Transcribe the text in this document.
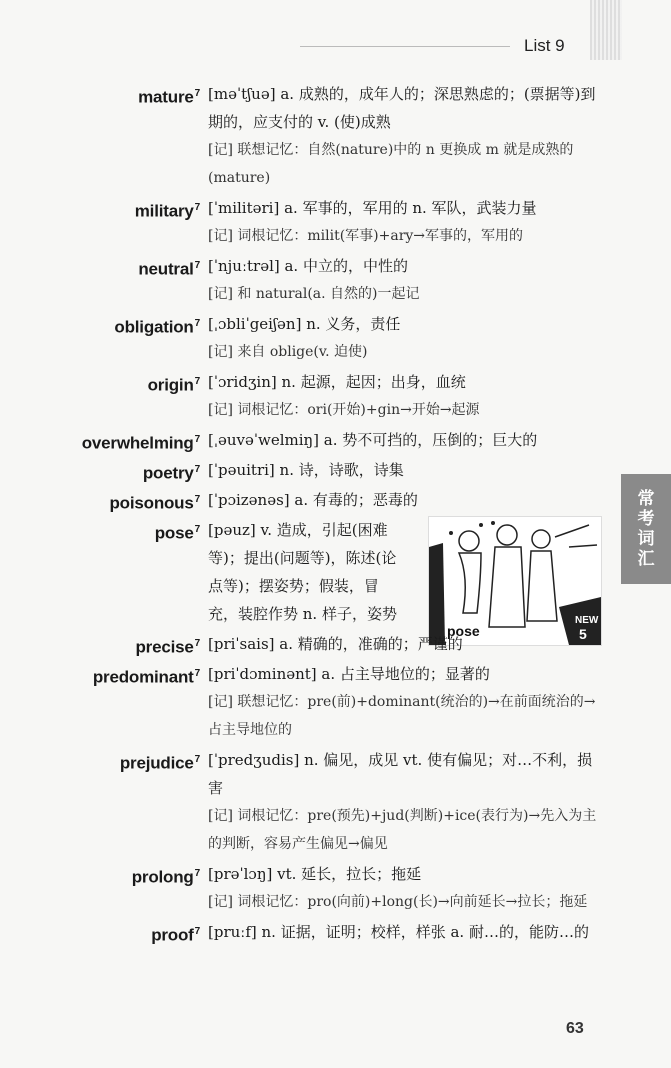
List 9
常
考
词
汇
mature$^7$ [məˈtʃuə] a. 成熟的，成年人的；深思熟虑的；(票据等)到期的，应支付的 v. (使)成熟
[记] 联想记忆：自然(nature)中的 n 更换成 m 就是成熟的(mature)
military$^7$ [ˈmilitəri] a. 军事的，军用的 n. 军队，武装力量
[记] 词根记忆：milit(军事)+ary→军事的，军用的
neutral$^7$ [ˈnjuːtrəl] a. 中立的，中性的
[记] 和 natural(a. 自然的)一起记
obligation$^7$ [ˌɔbliˈgeiʃən] n. 义务，责任
[记] 来自 oblige(v. 迫使)
origin$^7$ [ˈɔridʒin] n. 起源，起因；出身，血统
[记] 词根记忆：ori(开始)+gin→开始→起源
overwhelming$^7$ [ˌəuvəˈwelmiŋ] a. 势不可挡的，压倒的；巨大的
poetry$^7$ [ˈpəuitri] n. 诗，诗歌，诗集
poisonous$^7$ [ˈpɔizənəs] a. 有毒的；恶毒的
pose$^7$ [pəuz] v. 造成，引起(困难等)；提出(问题等)，陈述(论点等)；摆姿势；假装，冒充，装腔作势 n. 样子，姿势	NEW
5
pose
precise$^7$ [priˈsais] a. 精确的，准确的；严谨的
predominant$^7$ [priˈdɔminənt] a. 占主导地位的；显著的
[记] 联想记忆：pre(前)+dominant(统治的)→在前面统治的→占主导地位的
prejudice$^7$ [ˈpredʒudis] n. 偏见，成见 vt. 使有偏见；对…不利，损害
[记] 词根记忆：pre(预先)+jud(判断)+ice(表行为)→先入为主的判断，容易产生偏见→偏见
prolong$^7$ [prəˈlɔŋ] vt. 延长，拉长；拖延
[记] 词根记忆：pro(向前)+long(长)→向前延长→拉长；拖延
proof$^7$ [pruːf] n. 证据，证明；校样，样张 a. 耐…的，能防…的
63
